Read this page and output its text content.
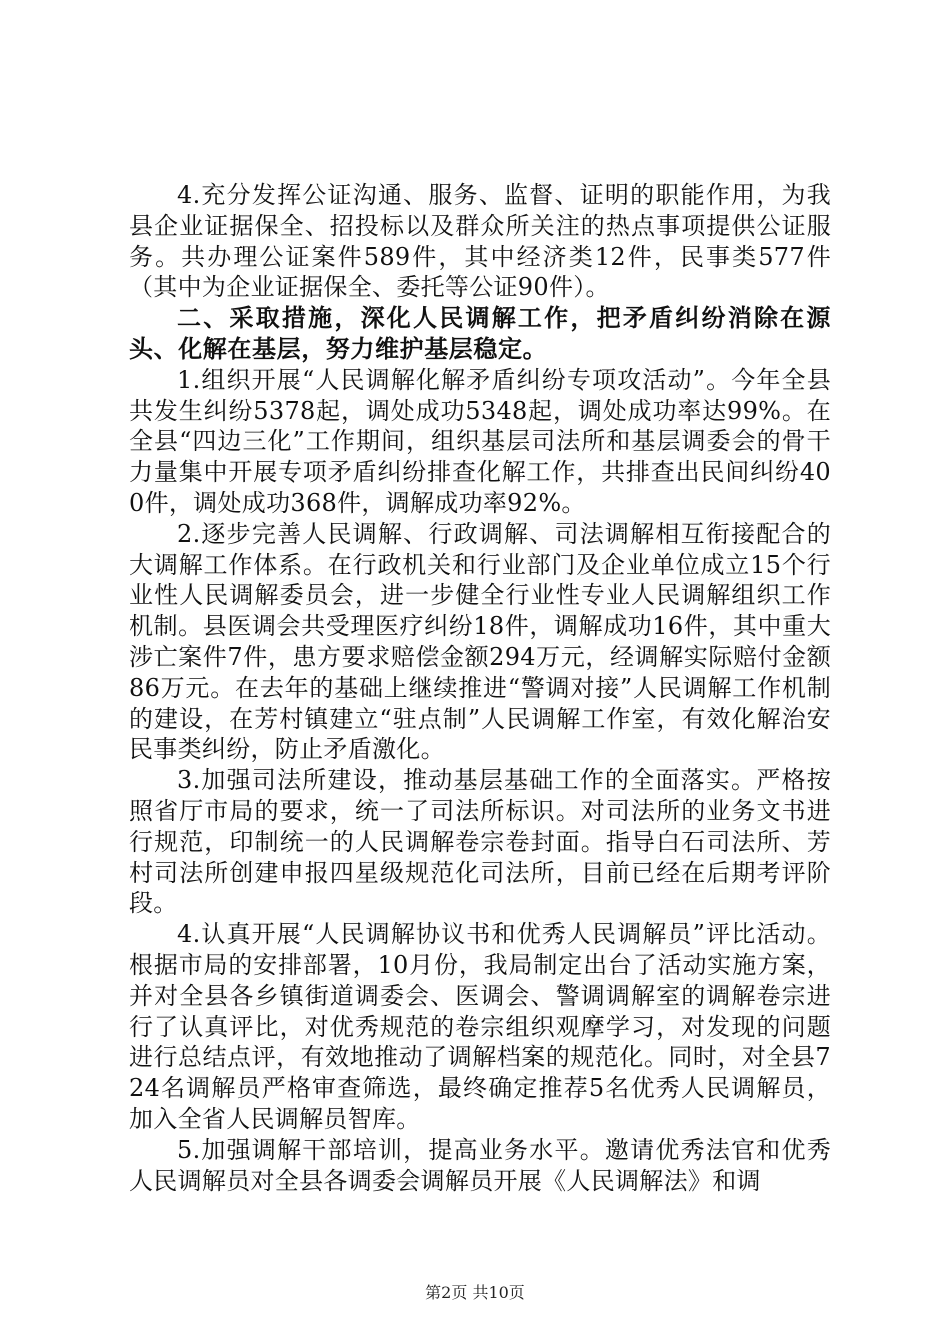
4.充分发挥公证沟通、服务、监督、证明的职能作用，为我县企业证据保全、招投标以及群众所关注的热点事项提供公证服务。共办理公证案件589件，其中经济类12件，民事类577件（其中为企业证据保全、委托等公证90件）。

二、采取措施，深化人民调解工作，把矛盾纠纷消除在源头、化解在基层，努力维护基层稳定。

1.组织开展“人民调解化解矛盾纠纷专项攻活动”。今年全县共发生纠纷5378起，调处成功5348起，调处成功率达99%。在全县“四边三化”工作期间，组织基层司法所和基层调委会的骨干力量集中开展专项矛盾纠纷排查化解工作，共排查出民间纠纷400件，调处成功368件，调解成功率92%。

2.逐步完善人民调解、行政调解、司法调解相互衔接配合的大调解工作体系。在行政机关和行业部门及企业单位成立15个行业性人民调解委员会，进一步健全行业性专业人民调解组织工作机制。县医调会共受理医疗纠纷18件，调解成功16件，其中重大涉亡案件7件，患方要求赔偿金额294万元，经调解实际赔付金额86万元。在去年的基础上继续推进“警调对接”人民调解工作机制的建设，在芳村镇建立“驻点制”人民调解工作室，有效化解治安民事类纠纷，防止矛盾激化。

3.加强司法所建设，推动基层基础工作的全面落实。严格按照省厅市局的要求，统一了司法所标识。对司法所的业务文书进行规范，印制统一的人民调解卷宗卷封面。指导白石司法所、芳村司法所创建申报四星级规范化司法所，目前已经在后期考评阶段。

4.认真开展“人民调解协议书和优秀人民调解员”评比活动。根据市局的安排部署，10月份，我局制定出台了活动实施方案，并对全县各乡镇街道调委会、医调会、警调调解室的调解卷宗进行了认真评比，对优秀规范的卷宗组织观摩学习，对发现的问题进行总结点评，有效地推动了调解档案的规范化。同时，对全县724名调解员严格审查筛选，最终确定推荐5名优秀人民调解员，加入全省人民调解员智库。

5.加强调解干部培训，提高业务水平。邀请优秀法官和优秀人民调解员对全县各调委会调解员开展《人民调解法》和调

第2页 共10页
